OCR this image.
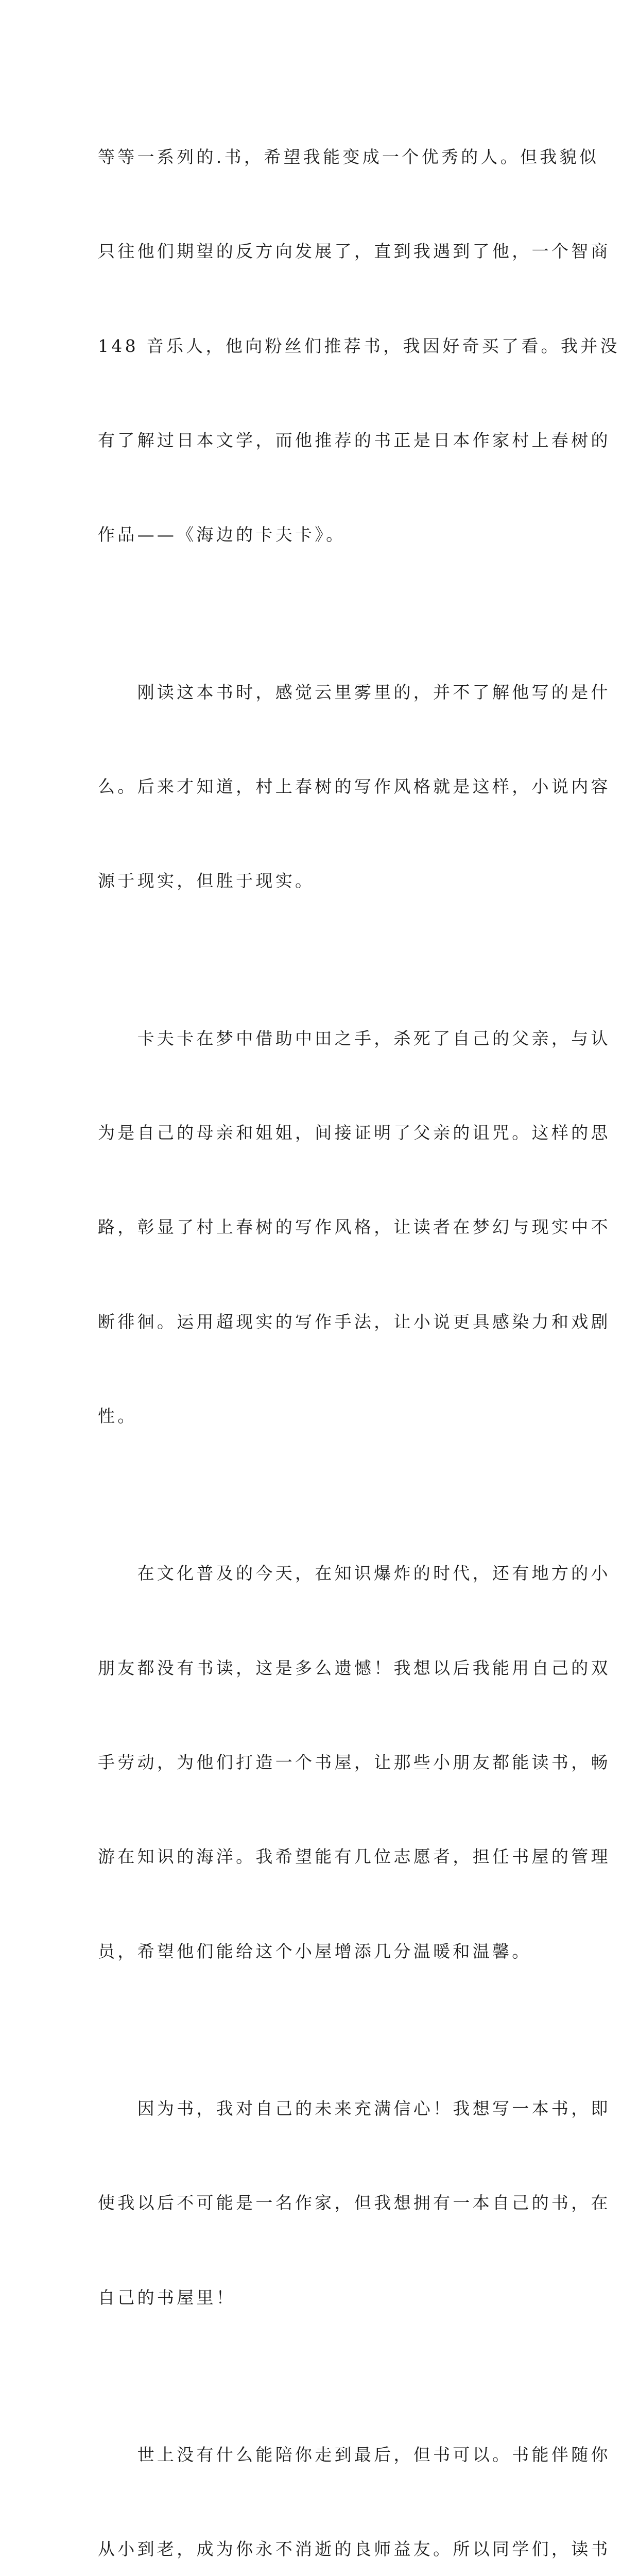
等等一系列的.书，希望我能变成一个优秀的人。但我貌似

只往他们期望的反方向发展了，直到我遇到了他，一个智商

148 音乐人，他向粉丝们推荐书，我因好奇买了看。我并没

有了解过日本文学，而他推荐的书正是日本作家村上春树的

作品——《海边的卡夫卡》。

　　刚读这本书时，感觉云里雾里的，并不了解他写的是什

么。后来才知道，村上春树的写作风格就是这样，小说内容

源于现实，但胜于现实。

　　卡夫卡在梦中借助中田之手，杀死了自己的父亲，与认

为是自己的母亲和姐姐，间接证明了父亲的诅咒。这样的思

路，彰显了村上春树的写作风格，让读者在梦幻与现实中不

断徘徊。运用超现实的写作手法，让小说更具感染力和戏剧

性。

　　在文化普及的今天，在知识爆炸的时代，还有地方的小

朋友都没有书读，这是多么遗憾！我想以后我能用自己的双

手劳动，为他们打造一个书屋，让那些小朋友都能读书，畅

游在知识的海洋。我希望能有几位志愿者，担任书屋的管理

员，希望他们能给这个小屋增添几分温暖和温馨。

　　因为书，我对自己的未来充满信心！我想写一本书，即

使我以后不可能是一名作家，但我想拥有一本自己的书，在

自己的书屋里！

　　世上没有什么能陪你走到最后，但书可以。书能伴随你

从小到老，成为你永不消逝的良师益友。所以同学们，读书
